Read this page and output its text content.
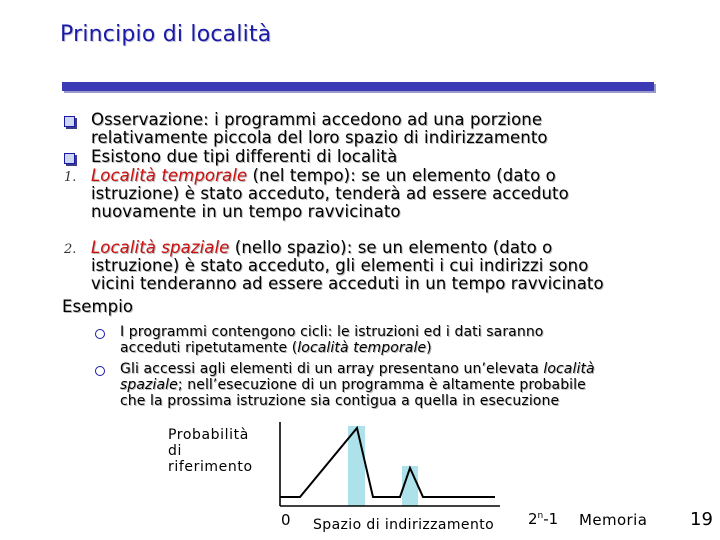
Principio di località
Osservazione: i programmi accedono ad una porzione
relativamente piccola del loro spazio di indirizzamento
Esistono due tipi differenti di località
1. Località temporale (nel tempo): se un elemento (dato o
istruzione) è stato acceduto, tenderà ad essere acceduto
nuovamente in un tempo ravvicinato
2. Località spaziale (nello spazio): se un elemento (dato o
istruzione) è stato acceduto, gli elementi i cui indirizzi sono
vicini tenderanno ad essere acceduti in un tempo ravvicinato
Esempio
I programmi contengono cicli: le istruzioni ed i dati saranno
acceduti ripetutamente (località temporale)
Gli accessi agli elementi di un array presentano un’elevata località
spaziale; nell’esecuzione di un programma è altamente probabile
che la prossima istruzione sia contigua a quella in esecuzione
Probabilità
di
riferimento
0 Spazio di indirizzamento 2$^n$-1 Memoria 19
